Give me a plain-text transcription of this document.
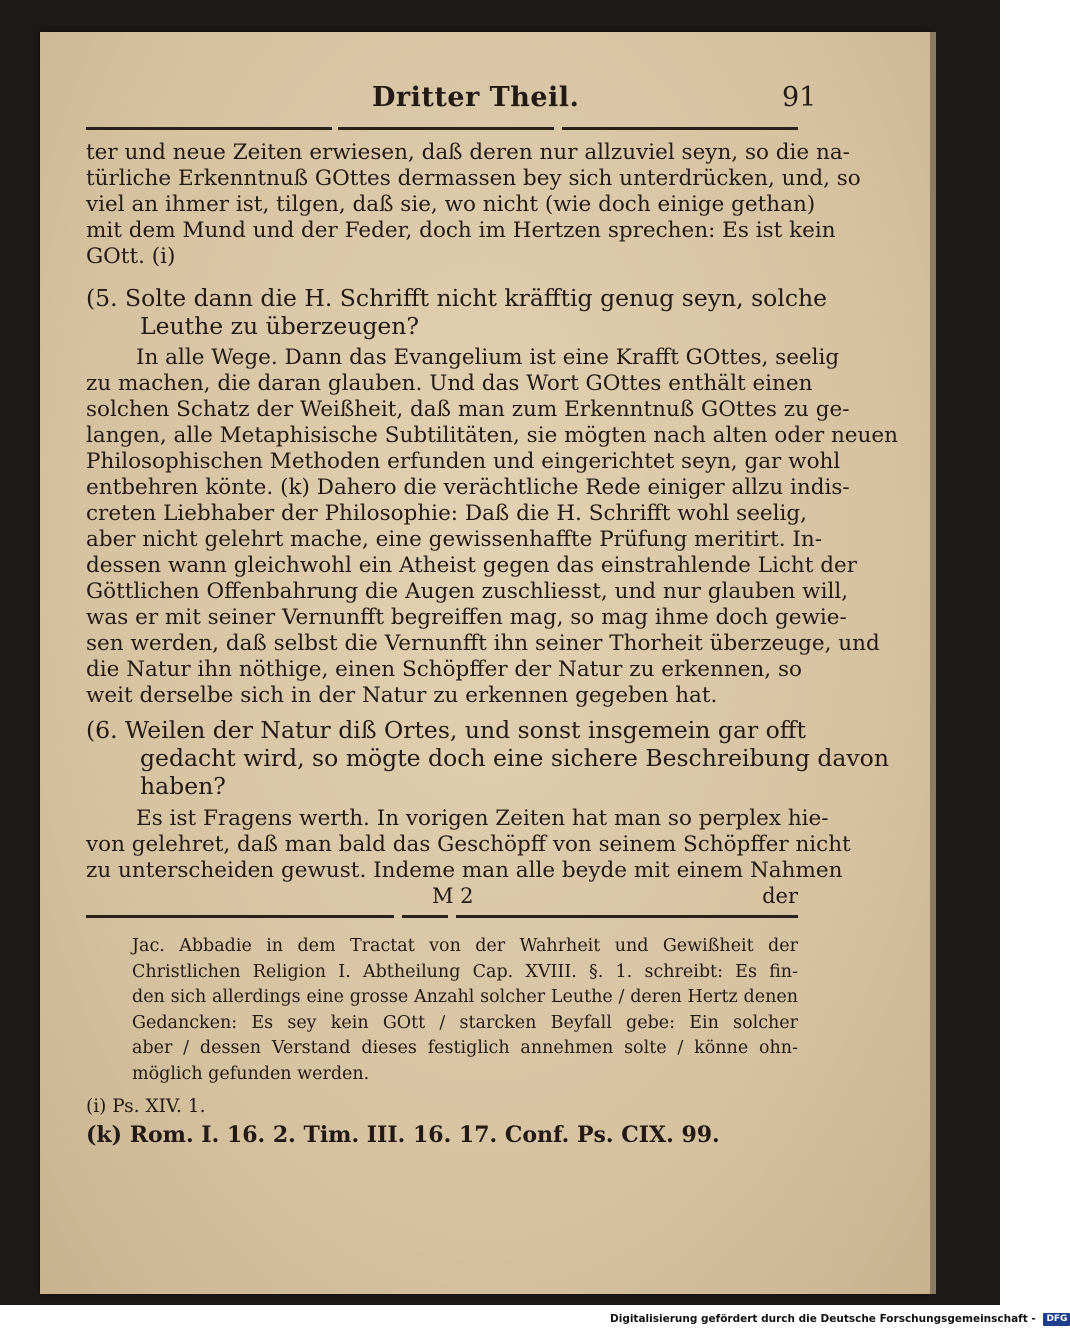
Dritter Theil.	91
ter und neue Zeiten erwiesen, daß deren nur allzuviel seyn, so die na-
türliche Erkenntnuß GOttes dermassen bey sich unterdrücken, und, so
viel an ihmer ist, tilgen, daß sie, wo nicht (wie doch einige gethan)
mit dem Mund und der Feder, doch im Hertzen sprechen: Es ist kein
GOtt. (i)
(5. Solte dann die H. Schrifft nicht kräfftig genug seyn, solche
Leuthe zu überzeugen?
In alle Wege. Dann das Evangelium ist eine Krafft GOttes, seelig
zu machen, die daran glauben. Und das Wort GOttes enthält einen
solchen Schatz der Weißheit, daß man zum Erkenntnuß GOttes zu ge-
langen, alle Metaphisische Subtilitäten, sie mögten nach alten oder neuen
Philosophischen Methoden erfunden und eingerichtet seyn, gar wohl
entbehren könte. (k) Dahero die verächtliche Rede einiger allzu indis-
creten Liebhaber der Philosophie: Daß die H. Schrifft wohl seelig,
aber nicht gelehrt mache, eine gewissenhaffte Prüfung meritirt. In-
dessen wann gleichwohl ein Atheist gegen das einstrahlende Licht der
Göttlichen Offenbahrung die Augen zuschliesst, und nur glauben will,
was er mit seiner Vernunfft begreiffen mag, so mag ihme doch gewie-
sen werden, daß selbst die Vernunfft ihn seiner Thorheit überzeuge, und
die Natur ihn nöthige, einen Schöpffer der Natur zu erkennen, so
weit derselbe sich in der Natur zu erkennen gegeben hat.
(6. Weilen der Natur diß Ortes, und sonst insgemein gar offt
gedacht wird, so mögte doch eine sichere Beschreibung davon
haben?
Es ist Fragens werth. In vorigen Zeiten hat man so perplex hie-
von gelehret, daß man bald das Geschöpff von seinem Schöpffer nicht
zu unterscheiden gewust. Indeme man alle beyde mit einem Nahmen
M 2	der
Jac. Abbadie in dem Tractat von der Wahrheit und Gewißheit der
Christlichen Religion I. Abtheilung Cap. XVIII. §. 1. schreibt: Es fin-
den sich allerdings eine grosse Anzahl solcher Leuthe / deren Hertz denen
Gedancken: Es sey kein GOtt / starcken Beyfall gebe: Ein solcher
aber / dessen Verstand dieses festiglich annehmen solte / könne ohn-
möglich gefunden werden.
(i) Ps. XIV. 1.
(k) Rom. I. 16. 2. Tim. III. 16. 17. Conf. Ps. CIX. 99.
Digitalisierung gefördert durch die Deutsche Forschungsgemeinschaft - DFG
